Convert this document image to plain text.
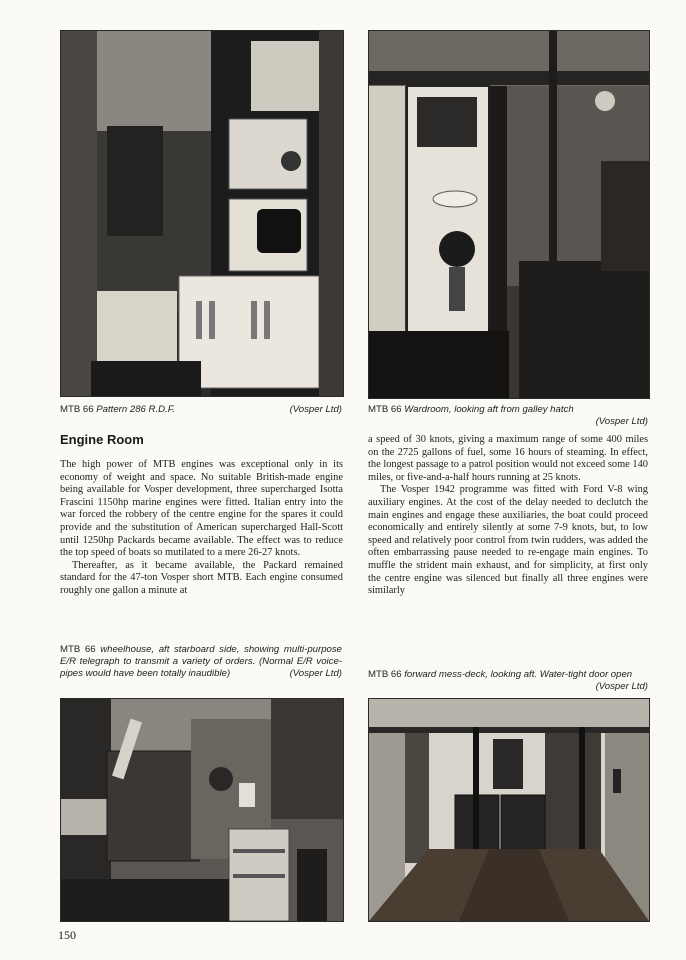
MTB 66 Pattern 286 R.D.F.	(Vosper Ltd)	MTB 66 Wardroom, looking aft from galley hatch
(Vosper Ltd)
Engine Room

The high power of MTB engines was exceptional only in its economy of weight and space. No suitable British-made engine being available for Vosper development, three supercharged Isotta Frascini 1150hp marine engines were fitted. Italian entry into the war forced the robbery of the centre engine for the spares it could provide and the substitution of American supercharged Hall-Scott until 1250hp Packards became available. The effect was to reduce the top speed of boats so mutilated to a mere 26-27 knots.

Thereafter, as it became available, the Packard remained standard for the 47-ton Vosper short MTB. Each engine consumed roughly one gallon a minute at

a speed of 30 knots, giving a maximum range of some 400 miles on the 2725 gallons of fuel, some 16 hours of steaming. In effect, the longest passage to a patrol position would not exceed some 140 miles, or five-and-a-half hours running at 25 knots.

The Vosper 1942 programme was fitted with Ford V-8 wing auxiliary engines. At the cost of the delay needed to declutch the main engines and engage these auxiliaries, the boat could proceed economically and entirely silently at some 7-9 knots, but, to low speed and relatively poor control from twin rudders, was added the often embarrassing pause needed to re-engage main engines. To muffle the strident main exhaust, and for simplicity, at first only the centre engine was silenced but finally all three engines were similarly

MTB 66 wheelhouse, aft starboard side, showing multi-purpose E/R telegraph to transmit a variety of orders. (Normal E/R voice-pipes would have been totally inaudible)	(Vosper Ltd)	MTB 66 forward mess-deck, looking aft. Water-tight door open
(Vosper Ltd)
150
